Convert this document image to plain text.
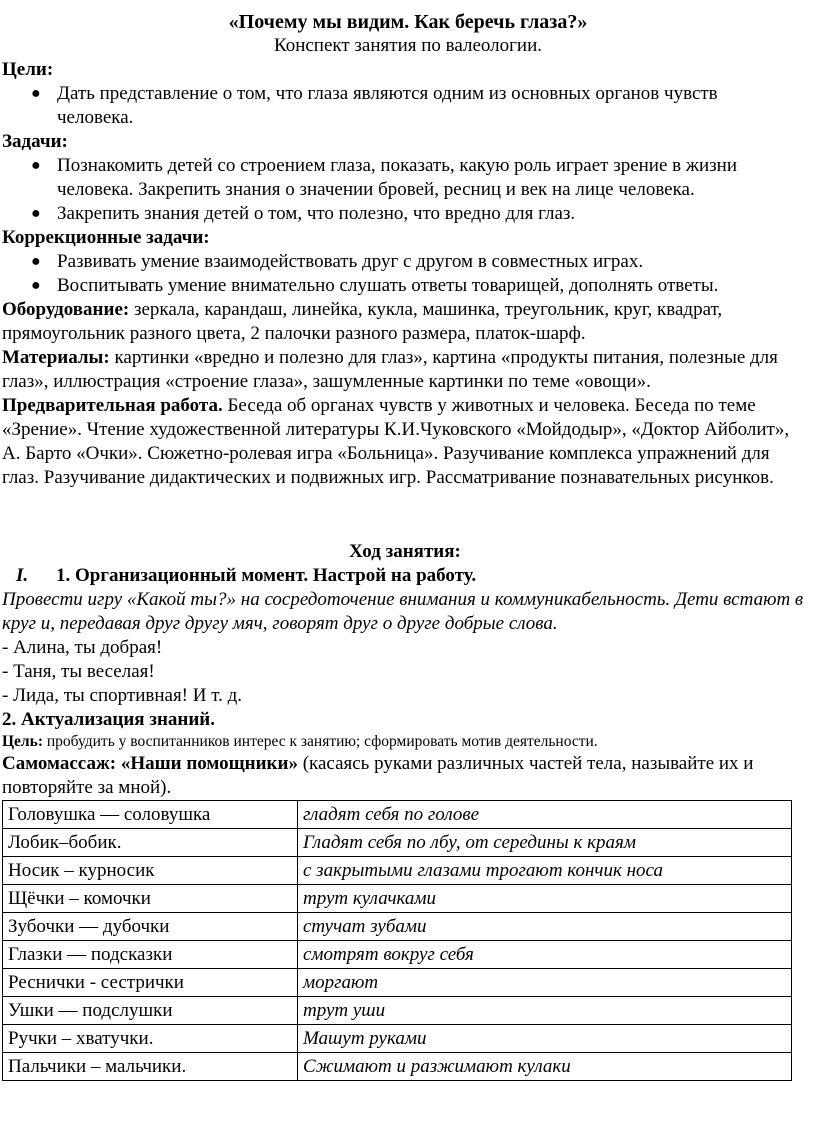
«Почему мы видим. Как беречь глаза?»
Конспект занятия по валеологии.
Цели:
● Дать представление о том, что глаза являются одним из основных органов чувств человека.
Задачи:
● Познакомить детей со строением глаза, показать, какую роль играет зрение в жизни человека. Закрепить знания о значении бровей, ресниц и век на лице человека.
● Закрепить знания детей о том, что полезно, что вредно для глаз.
Коррекционные задачи:
● Развивать умение взаимодействовать друг с другом в совместных играх.
● Воспитывать умение внимательно слушать ответы товарищей, дополнять ответы.

Оборудование: зеркала, карандаш, линейка, кукла, машинка, треугольник, круг, квадрат, прямоугольник разного цвета, 2 палочки разного размера, платок-шарф.

Материалы: картинки «вредно и полезно для глаз», картина «продукты питания, полезные для глаз», иллюстрация «строение глаза», зашумленные картинки по теме «овощи».

Предварительная работа. Беседа об органах чувств у животных и человека. Беседа по теме «Зрение». Чтение художественной литературы К.И.Чуковского «Мойдодыр», «Доктор Айболит», А. Барто «Очки». Сюжетно-ролевая игра «Больница». Разучивание комплекса упражнений для глаз. Разучивание дидактических и подвижных игр. Рассматривание познавательных рисунков.

Ход занятия:
I. 1. Организационный момент. Настрой на работу.

Провести игру «Какой ты?» на сосредоточение внимания и коммуникабельность. Дети встают в круг и, передавая друг другу мяч, говорят друг о друге добрые слова.

- Алина, ты добрая!
- Таня, ты веселая!
- Лида, ты спортивная! И т. д.
2. Актуализация знаний.

Цель: пробудить у воспитанников интерес к занятию; сформировать мотив деятельности.

Самомассаж: «Наши помощники» (касаясь руками различных частей тела, называйте их и повторяйте за мной).

Головушка — соловушка	гладят себя по голове
Лобик–бобик.	Гладят себя по лбу, от середины к краям
Носик – курносик	с закрытыми глазами трогают кончик носа
Щёчки – комочки	трут кулачками
Зубочки — дубочки	стучат зубами
Глазки — подсказки	смотрят вокруг себя
Реснички - сестрички	моргают
Ушки — подслушки	трут уши
Ручки – хватучки.	Машут руками
Пальчики – мальчики.	Сжимают и разжимают кулаки
